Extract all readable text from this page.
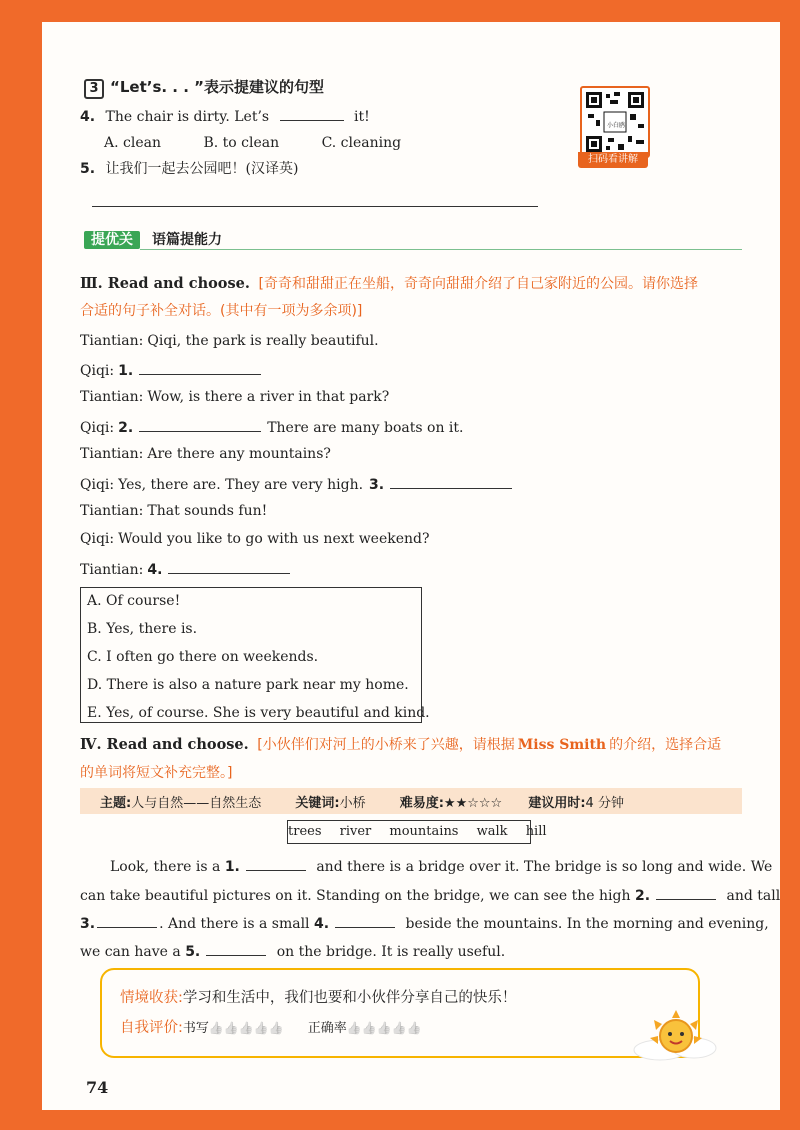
3 “Let’s. . . ”表示提建议的句型
4. The chair is dirty. Let’s	it!
A. clean	B. to clean	C. cleaning
5. 让我们一起去公园吧！(汉译英)
小白鸥
扫码看讲解
提优关	语篇提能力
Ⅲ. Read and choose. [奇奇和甜甜正在坐船，奇奇向甜甜介绍了自己家附近的公园。请你选择
合适的句子补全对话。(其中有一项为多余项)]
Tiantian: Qiqi, the park is really beautiful.
Qiqi: 1.
Tiantian: Wow, is there a river in that park?
Qiqi: 2.	There are many boats on it.
Tiantian: Are there any mountains?
Qiqi: Yes, there are. They are very high. 3.
Tiantian: That sounds fun!
Qiqi: Would you like to go with us next weekend?
Tiantian: 4.
A. Of course!
B. Yes, there is.
C. I often go there on weekends.
D. There is also a nature park near my home.
E. Yes, of course. She is very beautiful and kind.
Ⅳ. Read and choose. [小伙伴们对河上的小桥来了兴趣，请根据 Miss Smith 的介绍，选择合适
的单词将短文补充完整。]
主题:人与自然——自然生态	关键词:小桥	难易度:★★☆☆☆ 建议用时:4 分钟
trees river mountains walk hill
Look, there is a 1.	and there is a bridge over it. The bridge is so long and wide. We
can take beautiful pictures on it. Standing on the bridge, we can see the high 2.	and tall
3.	. And there is a small 4.	beside the mountains. In the morning and evening,
we can have a 5.	on the bridge. It is really useful.
情境收获:学习和生活中，我们也要和小伙伴分享自己的快乐！
自我评价:书写👍👍👍👍👍 正确率👍👍👍👍👍
74
